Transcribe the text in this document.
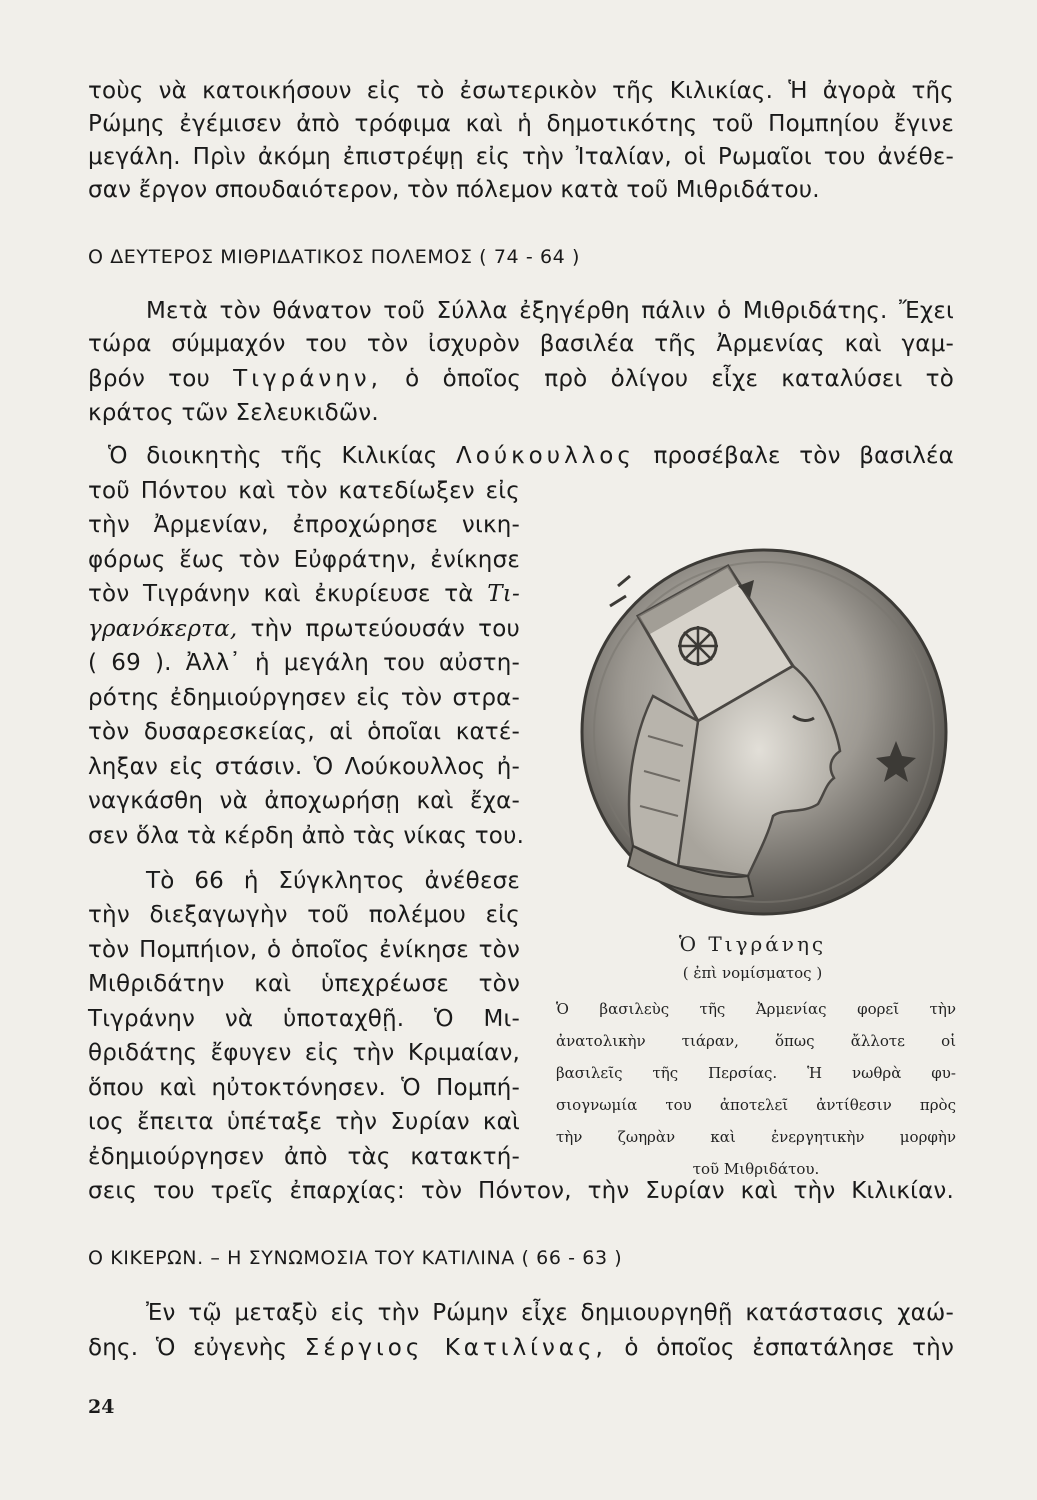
τοὺς νὰ κατοικήσουν εἰς τὸ ἐσωτερικὸν τῆς Κιλικίας. Ἡ ἀγορὰ τῆς
Ρώμης ἐγέμισεν ἀπὸ τρόφιμα καὶ ἡ δημοτικότης τοῦ Πομπηίου ἔγινε
μεγάλη. Πρὶν ἀκόμη ἐπιστρέψῃ εἰς τὴν Ἰταλίαν, οἱ Ρωμαῖοι του ἀνέθε-
σαν ἔργον σπουδαιότερον, τὸν πόλεμον κατὰ τοῦ Μιθριδάτου.
Ο ΔΕΥΤΕΡΟΣ ΜΙΘΡΙΔΑΤΙΚΟΣ ΠΟΛΕΜΟΣ ( 74 - 64 )
Μετὰ τὸν θάνατον τοῦ Σύλλα ἐξηγέρθη πάλιν ὁ Μιθριδάτης. Ἔχει
τώρα σύμμαχόν του τὸν ἰσχυρὸν βασιλέα τῆς Ἀρμενίας καὶ γαμ-
βρόν του Τιγράνην, ὁ ὁποῖος πρὸ ὀλίγου εἶχε καταλύσει τὸ
κράτος τῶν Σελευκιδῶν.
Ὁ διοικητὴς τῆς Κιλικίας Λούκουλλος προσέβαλε τὸν βασιλέα
τοῦ Πόντου καὶ τὸν κατεδίωξεν εἰς
τὴν Ἀρμενίαν, ἐπροχώρησε νικη-
φόρως ἕως τὸν Εὐφράτην, ἐνίκησε
τὸν Τιγράνην καὶ ἐκυρίευσε τὰ Τι-
γρανόκερτα, τὴν πρωτεύουσάν του
( 69 ). Ἀλλ᾽ ἡ μεγάλη του αὐστη-
ρότης ἐδημιούργησεν εἰς τὸν στρα-
τὸν δυσαρεσκείας, αἱ ὁποῖαι κατέ-
ληξαν εἰς στάσιν. Ὁ Λούκουλλος ἠ-
ναγκάσθη νὰ ἀποχωρήσῃ καὶ ἔχα-
σεν ὅλα τὰ κέρδη ἀπὸ τὰς νίκας του.
Τὸ 66 ἡ Σύγκλητος ἀνέθεσε
τὴν διεξαγωγὴν τοῦ πολέμου εἰς
τὸν Πομπήιον, ὁ ὁποῖος ἐνίκησε τὸν
Μιθριδάτην καὶ ὑπεχρέωσε τὸν
Τιγράνην νὰ ὑποταχθῇ. Ὁ Μι-
θριδάτης ἔφυγεν εἰς τὴν Κριμαίαν,
ὅπου καὶ ηὐτοκτόνησεν. Ὁ Πομπή-
ιος ἔπειτα ὑπέταξε τὴν Συρίαν καὶ
ἐδημιούργησεν ἀπὸ τὰς κατακτή-
σεις του τρεῖς ἐπαρχίας: τὸν Πόντον, τὴν Συρίαν καὶ τὴν Κιλικίαν.
Ο ΚΙΚΕΡΩΝ. – Η ΣΥΝΩΜΟΣΙΑ ΤΟΥ ΚΑΤΙΛΙΝΑ ( 66 - 63 )
Ἐν τῷ μεταξὺ εἰς τὴν Ρώμην εἶχε δημιουργηθῇ κατάστασις χαώ-
δης. Ὁ εὐγενὴς Σέργιος Κατιλίνας, ὁ ὁποῖος ἐσπατάλησε τὴν
Ὁ Τιγράνης
( ἐπὶ νομίσματος )
Ὁ βασιλεὺς τῆς Ἀρμενίας φορεῖ τὴν
ἀνατολικὴν τιάραν, ὅπως ἄλλοτε οἱ
βασιλεῖς τῆς Περσίας. Ἡ νωθρὰ φυ-
σιογνωμία του ἀποτελεῖ ἀντίθεσιν πρὸς
τὴν ζωηρὰν καὶ ἐνεργητικὴν μορφὴν
τοῦ Μιθριδάτου.
24
